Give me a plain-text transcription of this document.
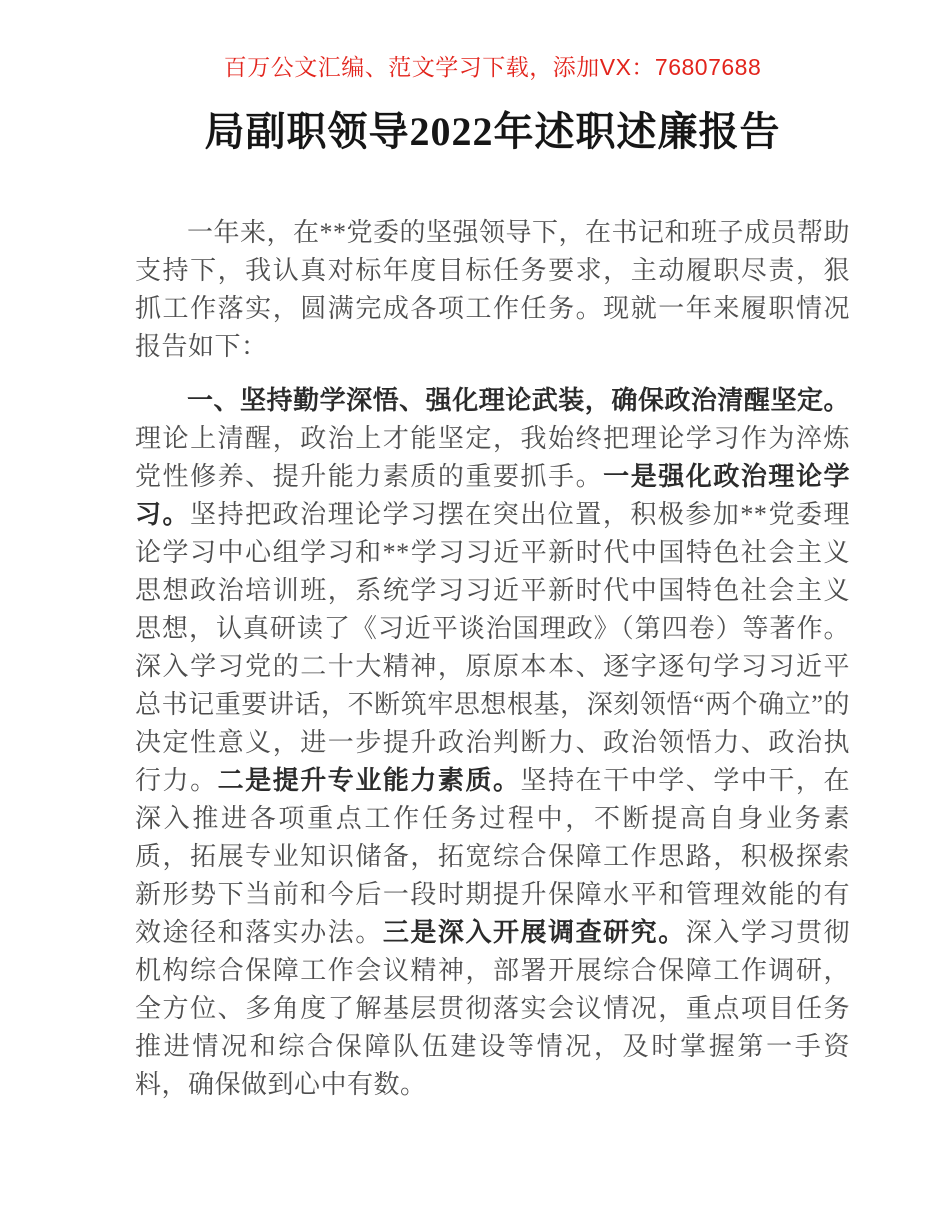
百万公文汇编、范文学习下载，添加VX：76807688
局副职领导2022年述职述廉报告

一年来，在**党委的坚强领导下，在书记和班子成员帮助支持下，我认真对标年度目标任务要求，主动履职尽责，狠抓工作落实，圆满完成各项工作任务。现就一年来履职情况报告如下：

一、坚持勤学深悟、强化理论武装，确保政治清醒坚定。理论上清醒，政治上才能坚定，我始终把理论学习作为淬炼党性修养、提升能力素质的重要抓手。一是强化政治理论学习。坚持把政治理论学习摆在突出位置，积极参加**党委理论学习中心组学习和**学习习近平新时代中国特色社会主义思想政治培训班，系统学习习近平新时代中国特色社会主义思想，认真研读了《习近平谈治国理政》（第四卷）等著作。深入学习党的二十大精神，原原本本、逐字逐句学习习近平总书记重要讲话，不断筑牢思想根基，深刻领悟“两个确立”的决定性意义，进一步提升政治判断力、政治领悟力、政治执行力。二是提升专业能力素质。坚持在干中学、学中干，在深入推进各项重点工作任务过程中，不断提高自身业务素质，拓展专业知识储备，拓宽综合保障工作思路，积极探索新形势下当前和今后一段时期提升保障水平和管理效能的有效途径和落实办法。三是深入开展调查研究。深入学习贯彻机构综合保障工作会议精神，部署开展综合保障工作调研，全方位、多角度了解基层贯彻落实会议情况，重点项目任务推进情况和综合保障队伍建设等情况，及时掌握第一手资料，确保做到心中有数。
